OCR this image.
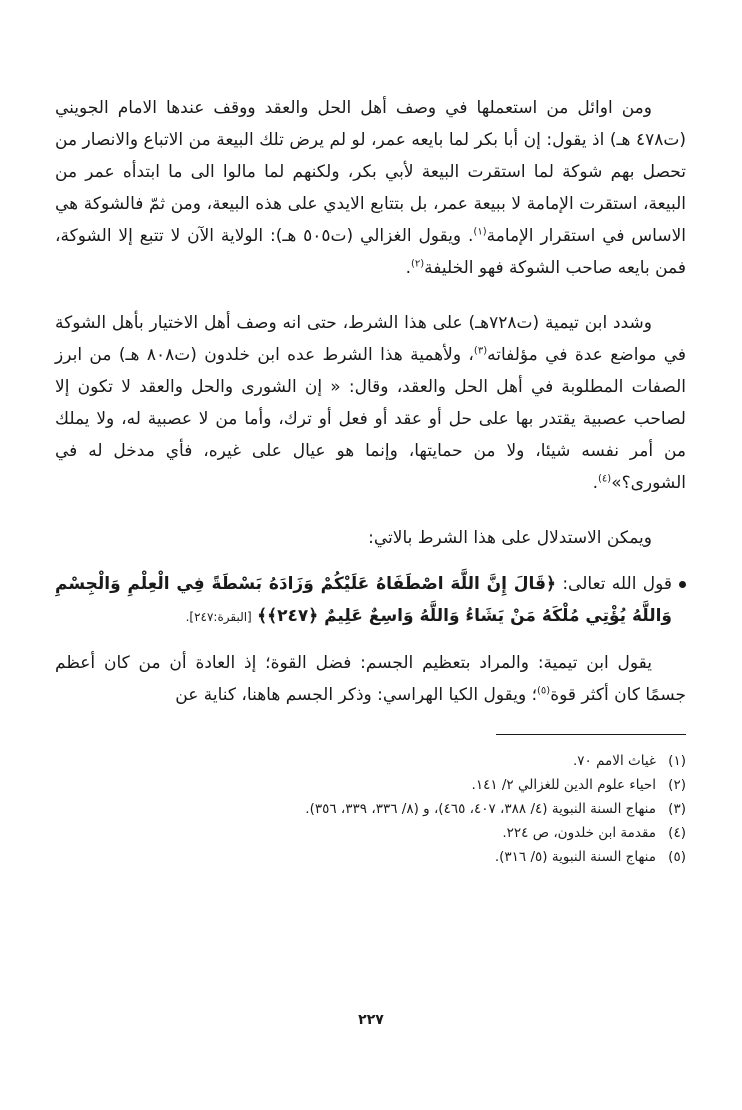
ومن اوائل من استعملها في وصف أهل الحل والعقد ووقف عندها الامام الجويني (ت٤٧٨ هـ) اذ يقول: إن أبا بكر لما بايعه عمر، لو لم يرض تلك البيعة من الاتباع والانصار من تحصل بهم شوكة لما استقرت البيعة لأبي بكر، ولكنهم لما مالوا الى ما ابتدأه عمر من البيعة، استقرت الإمامة لا ببيعة عمر، بل بتتابع الايدي على هذه البيعة، ومن ثمّ فالشوكة هي الاساس في استقرار الإمامة$^{(١)}$. ويقول الغزالي (ت٥٠٥ هـ): الولاية الآن لا تتبع إلا الشوكة، فمن بايعه صاحب الشوكة فهو الخليفة$^{(٢)}$.

وشدد ابن تيمية (ت٧٢٨هـ) على هذا الشرط، حتى انه وصف أهل الاختيار بأهل الشوكة في مواضع عدة في مؤلفاته$^{(٣)}$، ولأهمية هذا الشرط عده ابن خلدون (ت٨٠٨ هـ) من ابرز الصفات المطلوبة في أهل الحل والعقد، وقال: « إن الشورى والحل والعقد لا تكون إلا لصاحب عصبية يقتدر بها على حل أو عقد أو فعل أو ترك، وأما من لا عصبية له، ولا يملك من أمر نفسه شيئا، ولا من حمايتها، وإنما هو عيال على غيره، فأي مدخل له في الشورى؟»$^{(٤)}$.

ويمكن الاستدلال على هذا الشرط بالاتي:

قول الله تعالى: ﴿قَالَ إِنَّ اللَّهَ اصْطَفَاهُ عَلَيْكُمْ وَزَادَهُ بَسْطَةً فِي الْعِلْمِ وَالْجِسْمِ وَاللَّهُ يُؤْتِي مُلْكَهُ مَنْ يَشَاءُ وَاللَّهُ وَاسِعٌ عَلِيمٌ ﴿٢٤٧﴾﴾ [البقرة:٢٤٧].

يقول ابن تيمية: والمراد بتعظيم الجسم: فضل القوة؛ إذ العادة أن من كان أعظم جسمًا كان أكثر قوة$^{(٥)}$؛ ويقول الكيا الهراسي: وذكر الجسم هاهنا، كناية عن

(١)
غياث الامم ٧٠.
(٢)
احياء علوم الدين للغزالي ٢/ ١٤١.
(٣)
منهاج السنة النبوية (٤/ ٣٨٨، ٤٠٧، ٤٦٥)، و (٨/ ٣٣٦، ٣٣٩، ٣٥٦).
(٤)
مقدمة ابن خلدون، ص ٢٢٤.
(٥)
منهاج السنة النبوية (٥/ ٣١٦).
٢٢٧
